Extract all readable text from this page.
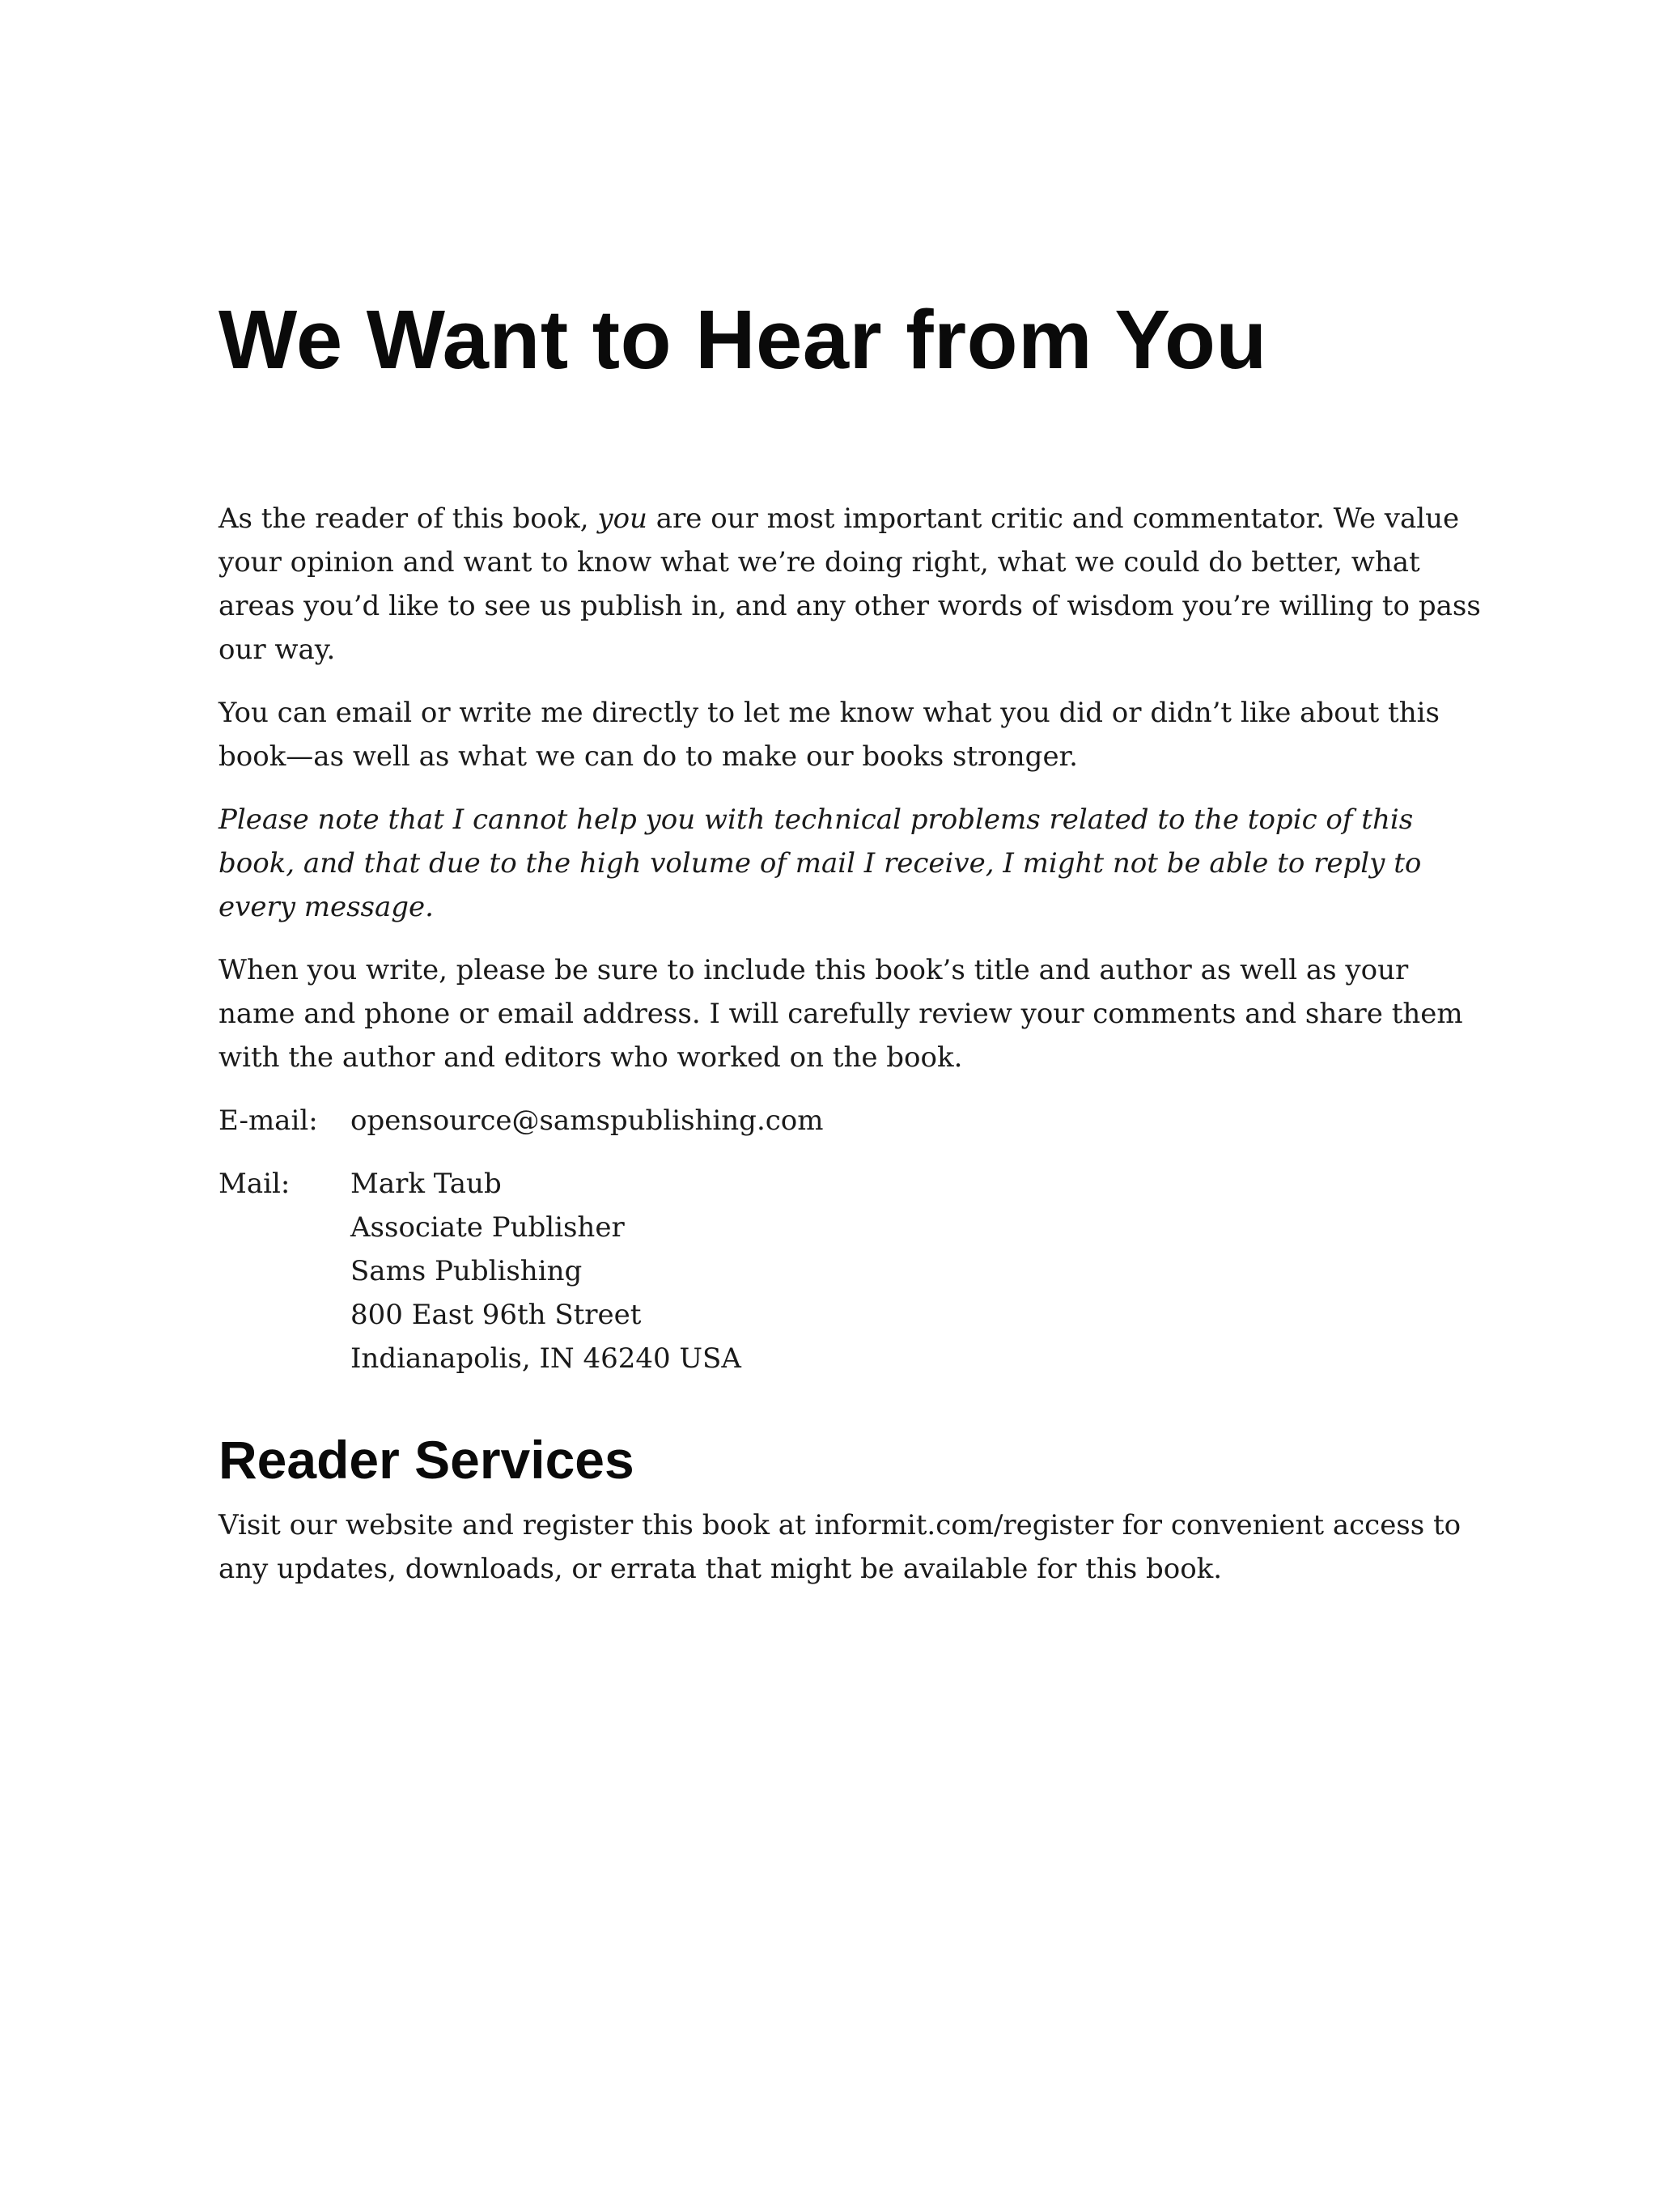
We Want to Hear from You

As the reader of this book, you are our most important critic and commentator. We value your opinion and want to know what we’re doing right, what we could do better, what areas you’d like to see us publish in, and any other words of wisdom you’re willing to pass our way.

You can email or write me directly to let me know what you did or didn’t like about this book—as well as what we can do to make our books stronger.

Please note that I cannot help you with technical problems related to the topic of this book, and that due to the high volume of mail I receive, I might not be able to reply to every message.

When you write, please be sure to include this book’s title and author as well as your name and phone or email address. I will carefully review your comments and share them with the author and editors who worked on the book.

E-mail:	opensource@samspublishing.com
Mail:	Mark Taub
Associate Publisher
Sams Publishing
800 East 96th Street
Indianapolis, IN 46240 USA
Reader Services

Visit our website and register this book at informit.com/register for convenient access to any updates, downloads, or errata that might be available for this book.
